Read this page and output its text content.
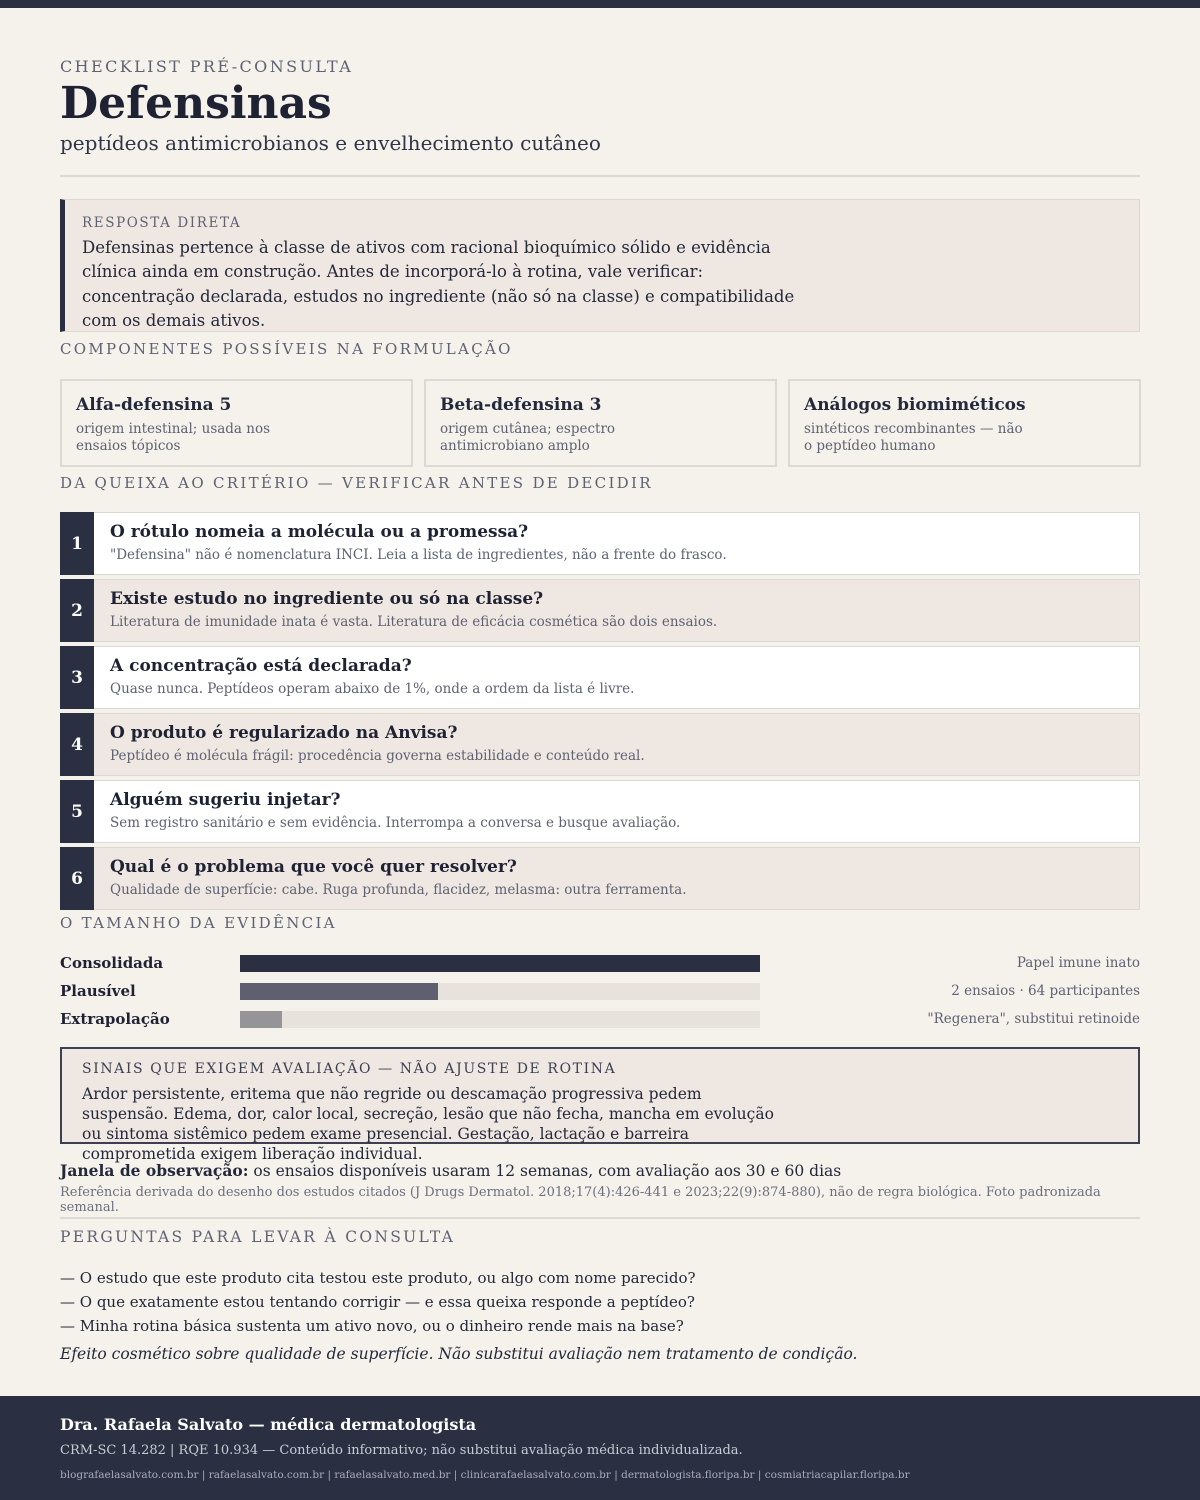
CHECKLIST PRÉ-CONSULTA
Defensinas
peptídeos antimicrobianos e envelhecimento cutâneo
RESPOSTA DIRETA
Defensinas pertence à classe de ativos com racional bioquímico sólido e evidência clínica ainda em construção. Antes de incorporá-lo à rotina, vale verificar: concentração declarada, estudos no ingrediente (não só na classe) e compatibilidade com os demais ativos.
COMPONENTES POSSÍVEIS NA FORMULAÇÃO
Alfa-defensina 5
origem intestinal; usada nos ensaios tópicos
Beta-defensina 3
origem cutânea; espectro antimicrobiano amplo
Análogos biomiméticos
sintéticos recombinantes — não o peptídeo humano
DA QUEIXA AO CRITÉRIO — VERIFICAR ANTES DE DECIDIR
1
O rótulo nomeia a molécula ou a promessa?
"Defensina" não é nomenclatura INCI. Leia a lista de ingredientes, não a frente do frasco.
2
Existe estudo no ingrediente ou só na classe?
Literatura de imunidade inata é vasta. Literatura de eficácia cosmética são dois ensaios.
3
A concentração está declarada?
Quase nunca. Peptídeos operam abaixo de 1%, onde a ordem da lista é livre.
4
O produto é regularizado na Anvisa?
Peptídeo é molécula frágil: procedência governa estabilidade e conteúdo real.
5
Alguém sugeriu injetar?
Sem registro sanitário e sem evidência. Interrompa a conversa e busque avaliação.
6
Qual é o problema que você quer resolver?
Qualidade de superfície: cabe. Ruga profunda, flacidez, melasma: outra ferramenta.
O TAMANHO DA EVIDÊNCIA
Consolidada	Papel imune inato
Plausível	2 ensaios · 64 participantes
Extrapolação	"Regenera", substitui retinoide
SINAIS QUE EXIGEM AVALIAÇÃO — NÃO AJUSTE DE ROTINA
Ardor persistente, eritema que não regride ou descamação progressiva pedem suspensão. Edema, dor, calor local, secreção, lesão que não fecha, mancha em evolução ou sintoma sistêmico pedem exame presencial. Gestação, lactação e barreira comprometida exigem liberação individual.
Janela de observação: os ensaios disponíveis usaram 12 semanas, com avaliação aos 30 e 60 dias
Referência derivada do desenho dos estudos citados (J Drugs Dermatol. 2018;17(4):426-441 e 2023;22(9):874-880), não de regra biológica. Foto padronizada semanal.
PERGUNTAS PARA LEVAR À CONSULTA
— O estudo que este produto cita testou este produto, ou algo com nome parecido?
— O que exatamente estou tentando corrigir — e essa queixa responde a peptídeo?
— Minha rotina básica sustenta um ativo novo, ou o dinheiro rende mais na base?
Efeito cosmético sobre qualidade de superfície. Não substitui avaliação nem tratamento de condição.
Dra. Rafaela Salvato — médica dermatologista
CRM-SC 14.282 | RQE 10.934 — Conteúdo informativo; não substitui avaliação médica individualizada.
blografaelasalvato.com.br | rafaelasalvato.com.br | rafaelasalvato.med.br | clinicarafaelasalvato.com.br | dermatologista.floripa.br | cosmiatriacapilar.floripa.br
